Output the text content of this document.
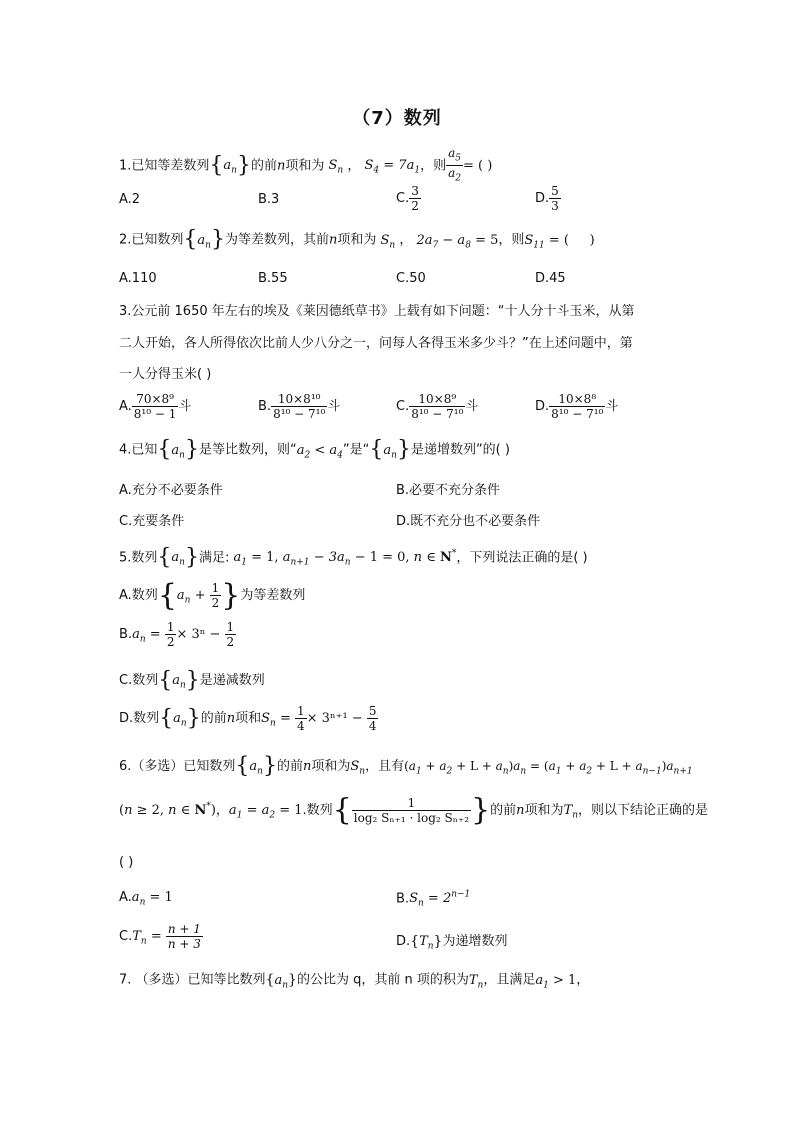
（7）数列
1.已知等差数列$\{a_n\}$的前n项和为 $S_n$ ， $S_4 = 7a_1$，则 $\frac{a_5}{a_2}$ = ( )
A.2	B.3	C. $\frac{3}{2}$	D. $\frac{5}{3}$
2.已知数列$\{a_n\}$为等差数列，其前n项和为 $S_n$ ， $2a_7 - a_8 = 5$，则$S_{11}$ = (     )
A.110	B.55	C.50	D.45
3.公元前 1650 年左右的埃及《莱因德纸草书》上载有如下问题：“十人分十斗玉米，从第
二人开始，各人所得依次比前人少八分之一，问每人各得玉米多少斗？”在上述问题中，第
一人分得玉米( )
A. $\frac{\text{70×8⁹}}{\text{8¹⁰ − 1}}$ 斗	B. $\frac{\text{10×8¹⁰}}{\text{8¹⁰ − 7¹⁰}}$ 斗	C. $\frac{\text{10×8⁹}}{\text{8¹⁰ − 7¹⁰}}$ 斗	D. $\frac{\text{10×8⁸}}{\text{8¹⁰ − 7¹⁰}}$ 斗
4.已知$\{a_n\}$是等比数列，则“$a_2 < a_4$”是“$\{a_n\}$是递增数列”的( )
A.充分不必要条件	B.必要不充分条件
C.充要条件	D.既不充分也不必要条件
5.数列$\{a_n\}$满足: $a_1 = 1$, $a_{n+1} - 3a_n - 1 = 0$, n ∈ N*，下列说法正确的是( )
A.数列{$a_n + \frac{1}{2}$ }为等差数列
$B.a_n = \frac{1}{2} \times 3^n - \frac{1}{2}$
C.数列$\{a_n\}$是递减数列
D.数列$\{a_n\}$的前n项和$S_n = \frac{1}{4} \times 3^{n+1} - \frac{5}{4}$
6.（多选）已知数列$\{a_n\}$的前n项和为$S_n$，且有$(a_1 + a_2 + L + a_n)a_n = (a_1 + a_2 + L + a_{n-1})a_{n+1}$
(n ≥ 2, n ∈ N*)，$a_1 = a_2 = 1$.数列{ $\frac{1}{\text{log₂ Sₙ₊₁ · log₂ Sₙ₊₂}}$ }的前n项和为$T_n$，则以下结论正确的是
( )
$A.a_n = 1$	$B.S_n = 2^{n-1}$
$C.T_n = \frac{n + 1}{n + 3}$	$D.\{T_n\}$为递增数列
7. （多选）已知等比数列$\{a_n\}$的公比为 q，其前 n 项的积为$T_n$，且满足$a_1 > 1$，
